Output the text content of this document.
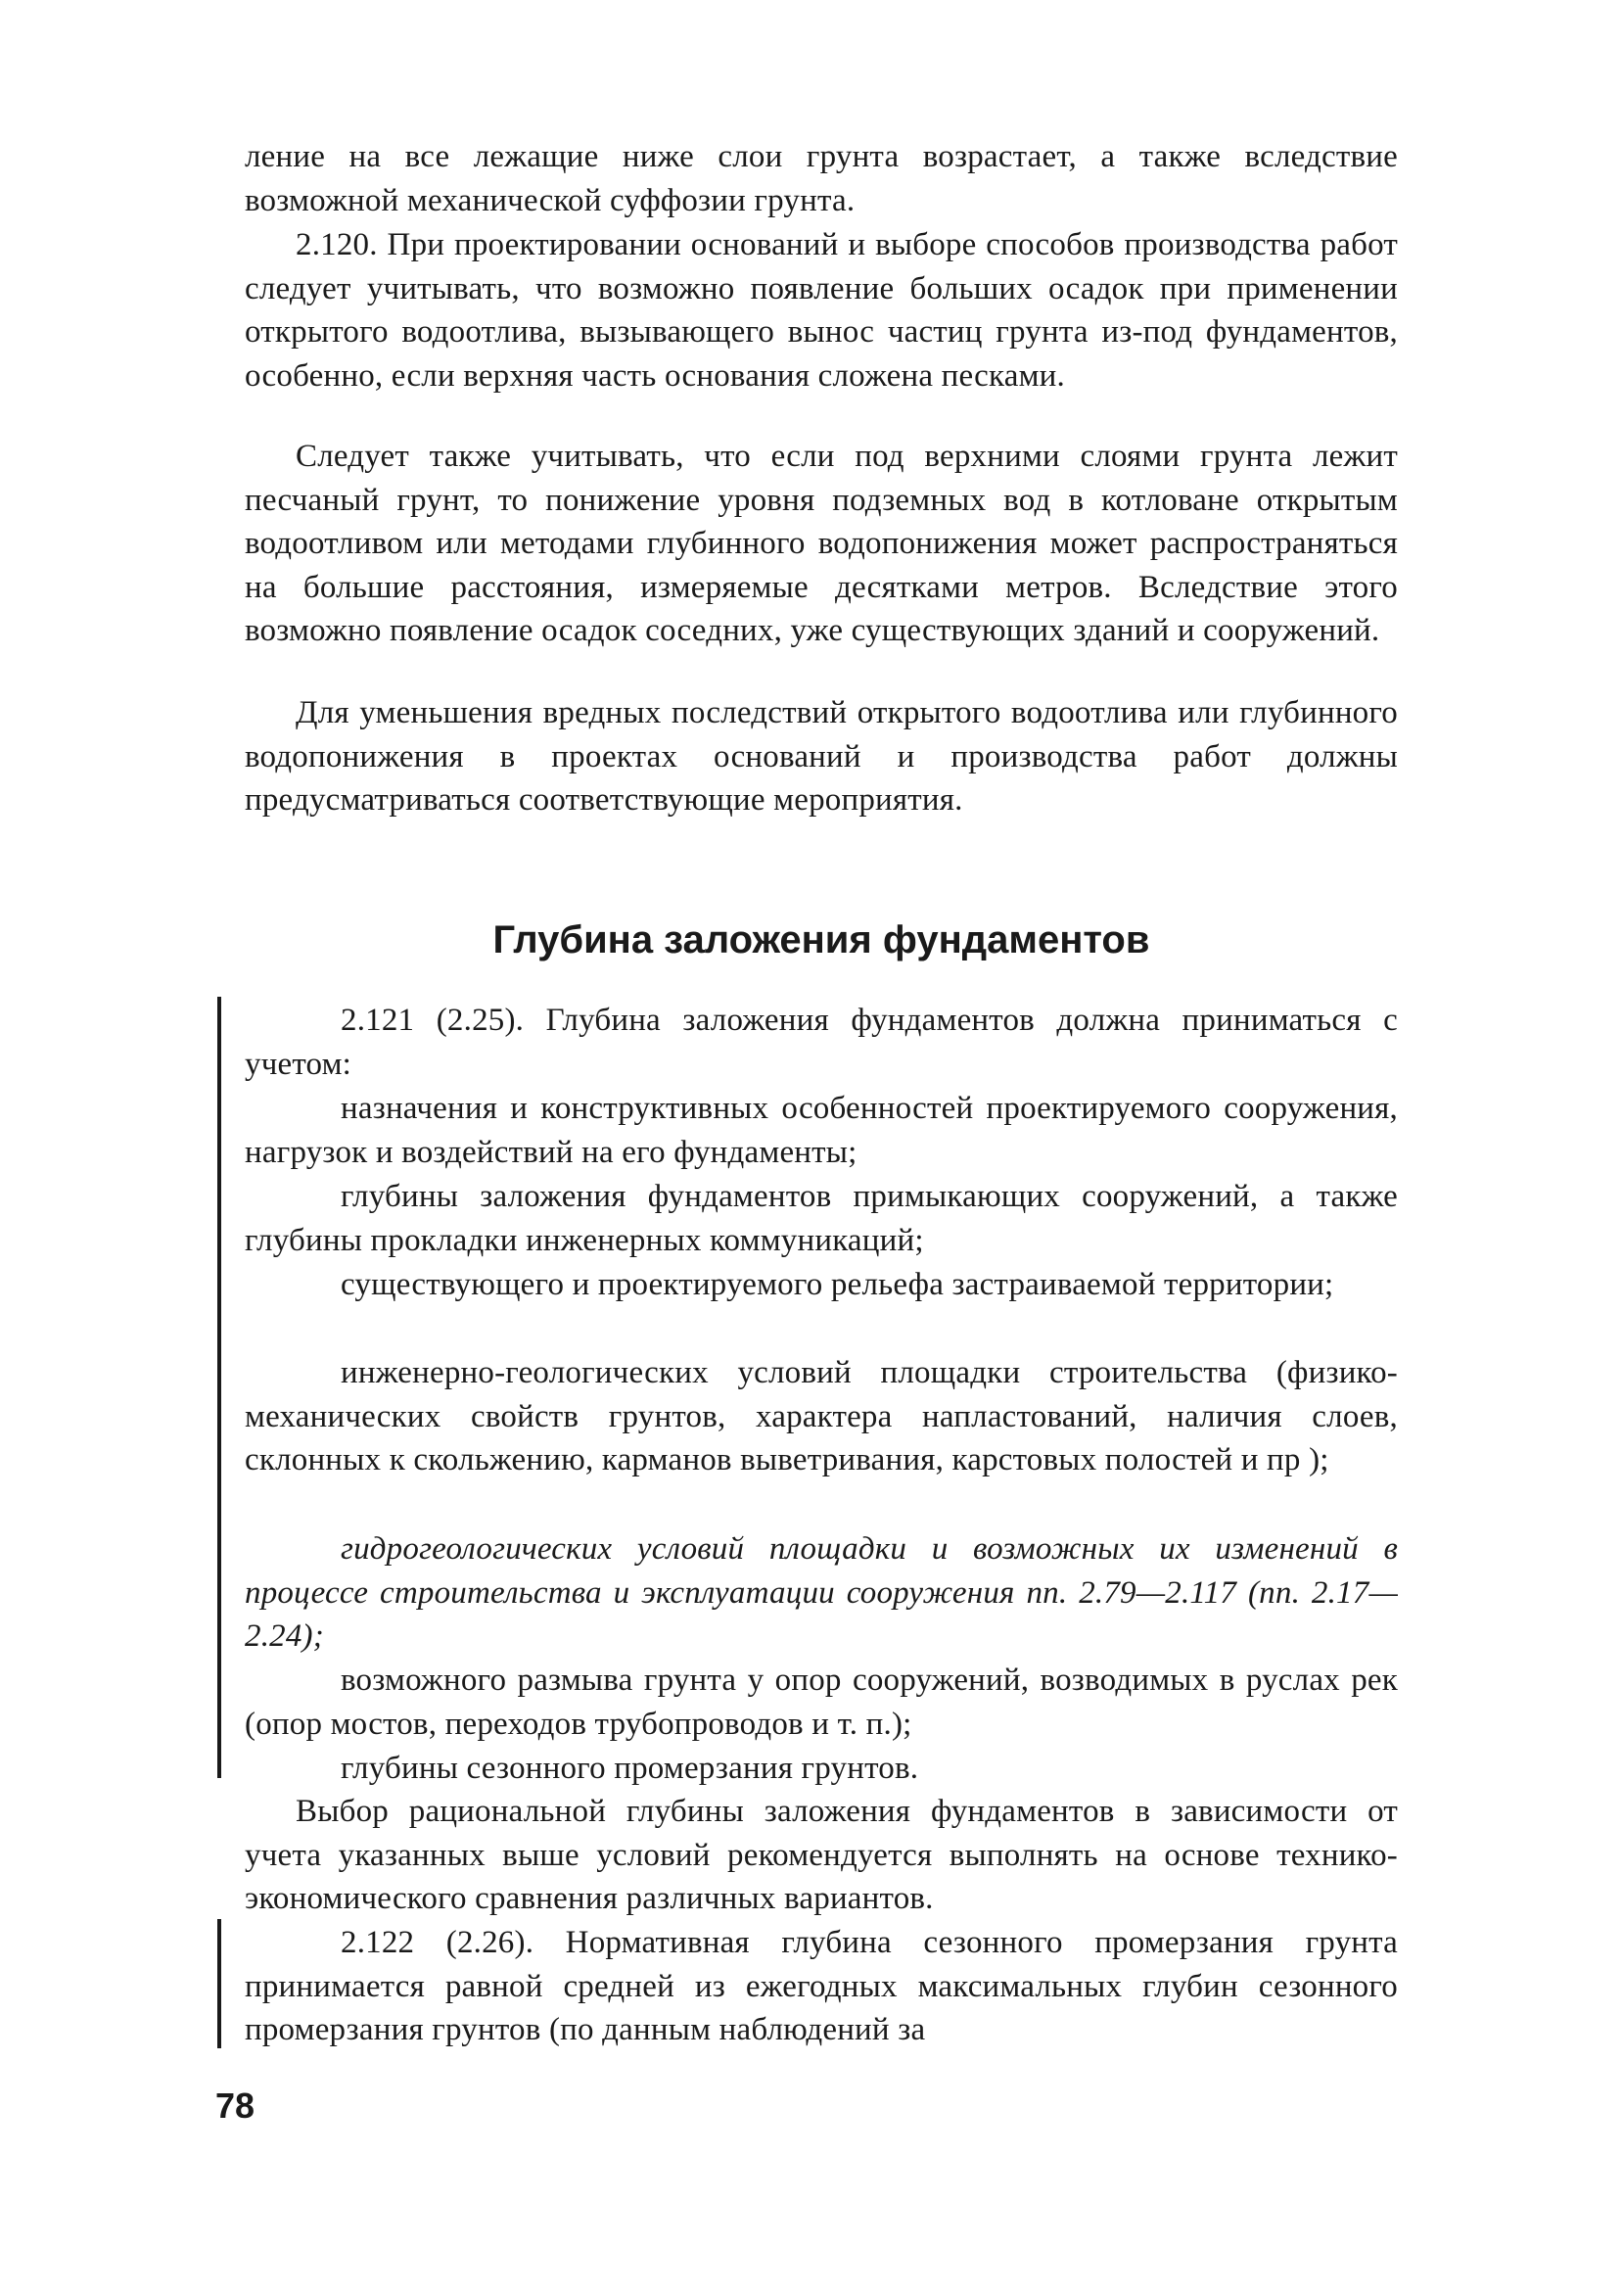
ление на все лежащие ниже слои грунта возрастает, а также вследствие возможной механической суффозии грунта.

2.120. При проектировании оснований и выборе способов производства работ следует учитывать, что возможно появление больших осадок при применении открытого водоотлива, вызывающего вынос частиц грунта из-под фундаментов, особенно, если верхняя часть основания сложена песками.

Следует также учитывать, что если под верхними слоями грунта лежит песчаный грунт, то понижение уровня подземных вод в котловане открытым водоотливом или методами глубинного водопонижения может распространяться на большие расстояния, измеряемые десятками метров. Вследствие этого возможно появление осадок соседних, уже существующих зданий и сооружений.

Для уменьшения вредных последствий открытого водоотлива или глубинного водопонижения в проектах оснований и производства работ должны предусматриваться соответствующие мероприятия.

Глубина заложения фундаментов

2.121 (2.25). Глубина заложения фундаментов должна приниматься с учетом:

назначения и конструктивных особенностей проектируемого сооружения, нагрузок и воздействий на его фундаменты;

глубины заложения фундаментов примыкающих сооружений, а также глубины прокладки инженерных коммуникаций;

существующего и проектируемого рельефа застраиваемой территории;

инженерно-геологических условий площадки строительства (физико-механических свойств грунтов, характера напластований, наличия слоев, склонных к скольжению, карманов выветривания, карстовых полостей и пр );

гидрогеологических условий площадки и возможных их изменений в процессе строительства и эксплуатации сооружения пп. 2.79—2.117 (пп. 2.17—2.24);

возможного размыва грунта у опор сооружений, возводимых в руслах рек (опор мостов, переходов трубопроводов и т. п.);

глубины сезонного промерзания грунтов.

Выбор рациональной глубины заложения фундаментов в зависимости от учета указанных выше условий рекомендуется выполнять на основе технико-экономического сравнения различных вариантов.

2.122 (2.26). Нормативная глубина сезонного промерзания грунта принимается равной средней из ежегодных максимальных глубин сезонного промерзания грунтов (по данным наблюдений за

78
